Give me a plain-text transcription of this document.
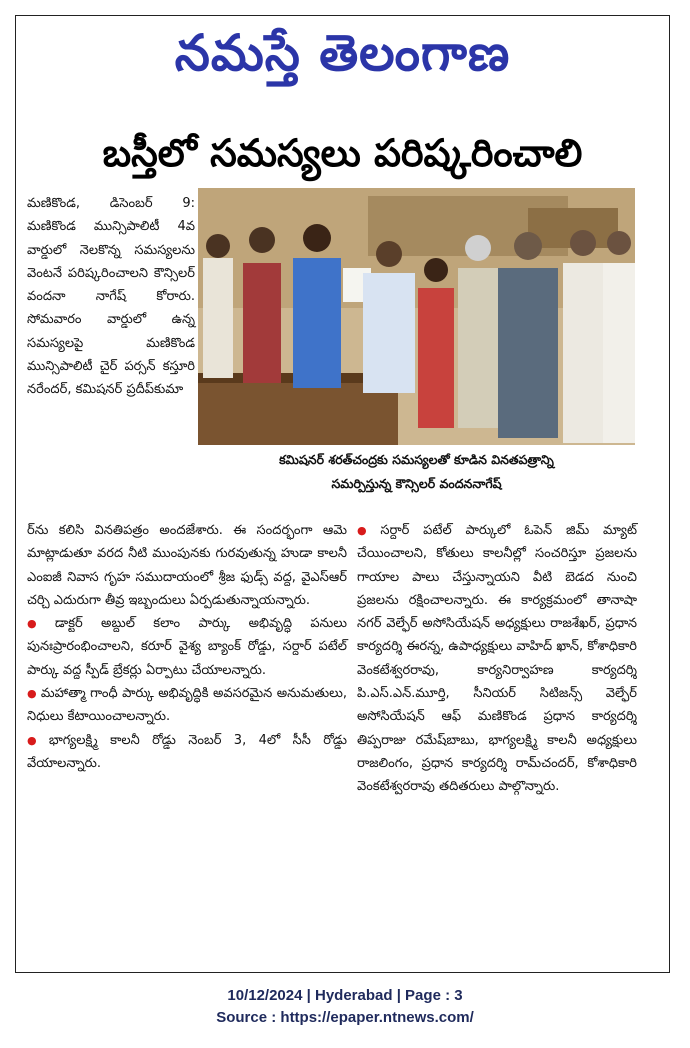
నమస్తే తెలంగాణ
బస్తీలో సమస్యలు పరిష్కరించాలి
కమిషనర్ శరత్‌చంద్రకు సమస్యలతో కూడిన వినతపత్రాన్ని
సమర్పిస్తున్న కౌన్సిలర్ వందననాగేష్

మణికొండ, డిసెంబర్ 9: మణికొండ మున్సిపాలిటీ 4వ వార్డులో నెలకొన్న సమస్యలను వెంటనే పరిష్కరించాలని కౌన్సిలర్ వందనా నాగేష్ కోరారు. సోమవారం వార్డులో ఉన్న సమస్యలపై మణికొండ మున్సిపాలిటీ చైర్ పర్సన్ కస్తూరి నరేందర్, కమిషనర్ ప్రదీప్‌కుమా

ర్‌ను కలిసి వినతిపత్రం అందజేశారు. ఈ సందర్భంగా ఆమె మాట్లాడుతూ వరద నీటి ముంపునకు గురవుతున్న హుడా కాలనీ ఎంఐజీ నివాస గృహ సముదాయంలో శ్రీజ ఫుడ్స్ వద్ద, వైఎస్‌ఆర్ చర్చి ఎదురుగా తీవ్ర ఇబ్బందులు ఏర్పడుతున్నాయన్నారు.

● డాక్టర్ అబ్దుల్ కలాం పార్కు అభివృద్ధి పనులు పునఃప్రారంభించాలని, కరూర్ వైశ్య బ్యాంక్ రోడ్డు, సర్దార్ పటేల్ పార్కు వద్ద స్పీడ్ బ్రేకర్లు ఏర్పాటు చేయాలన్నారు.

● మహాత్మా గాంధీ పార్కు అభివృద్ధికి అవసరమైన అనుమతులు, నిధులు కేటాయించాలన్నారు.

● భాగ్యలక్ష్మి కాలనీ రోడ్డు నెంబర్ 3, 4లో సీసీ రోడ్డు వేయాలన్నారు.

● సర్దార్ పటేల్ పార్కులో ఓపెన్ జిమ్ మ్యాట్ చేయించాలని, కోతులు కాలనీల్లో సంచరిస్తూ ప్రజలను గాయాల పాలు చేస్తున్నాయని వీటి బెడద నుంచి ప్రజలను రక్షించాలన్నారు. ఈ కార్యక్రమంలో తానాషా నగర్ వెల్ఫేర్ అసోసియేషన్ అధ్యక్షులు రాజశేఖర్, ప్రధాన కార్యదర్శి ఈరన్న, ఉపాధ్యక్షులు వాహిద్ ఖాన్, కోశాధికారి వెంకటేశ్వరరావు, కార్యనిర్వాహణ కార్యదర్శి పి.ఎస్.ఎన్.మూర్తి, సీనియర్ సిటిజన్స్ వెల్ఫేర్ అసోసియేషన్ ఆఫ్ మణికొండ ప్రధాన కార్యదర్శి తిప్పరాజు రమేష్‌బాబు, భాగ్యలక్ష్మి కాలనీ అధ్యక్షులు రాజలింగం, ప్రధాన కార్యదర్శి రామ్‌చందర్, కోశాధికారి వెంకటేశ్వరరావు తదితరులు పాల్గొన్నారు.

10/12/2024 | Hyderabad | Page : 3
Source : https://epaper.ntnews.com/
